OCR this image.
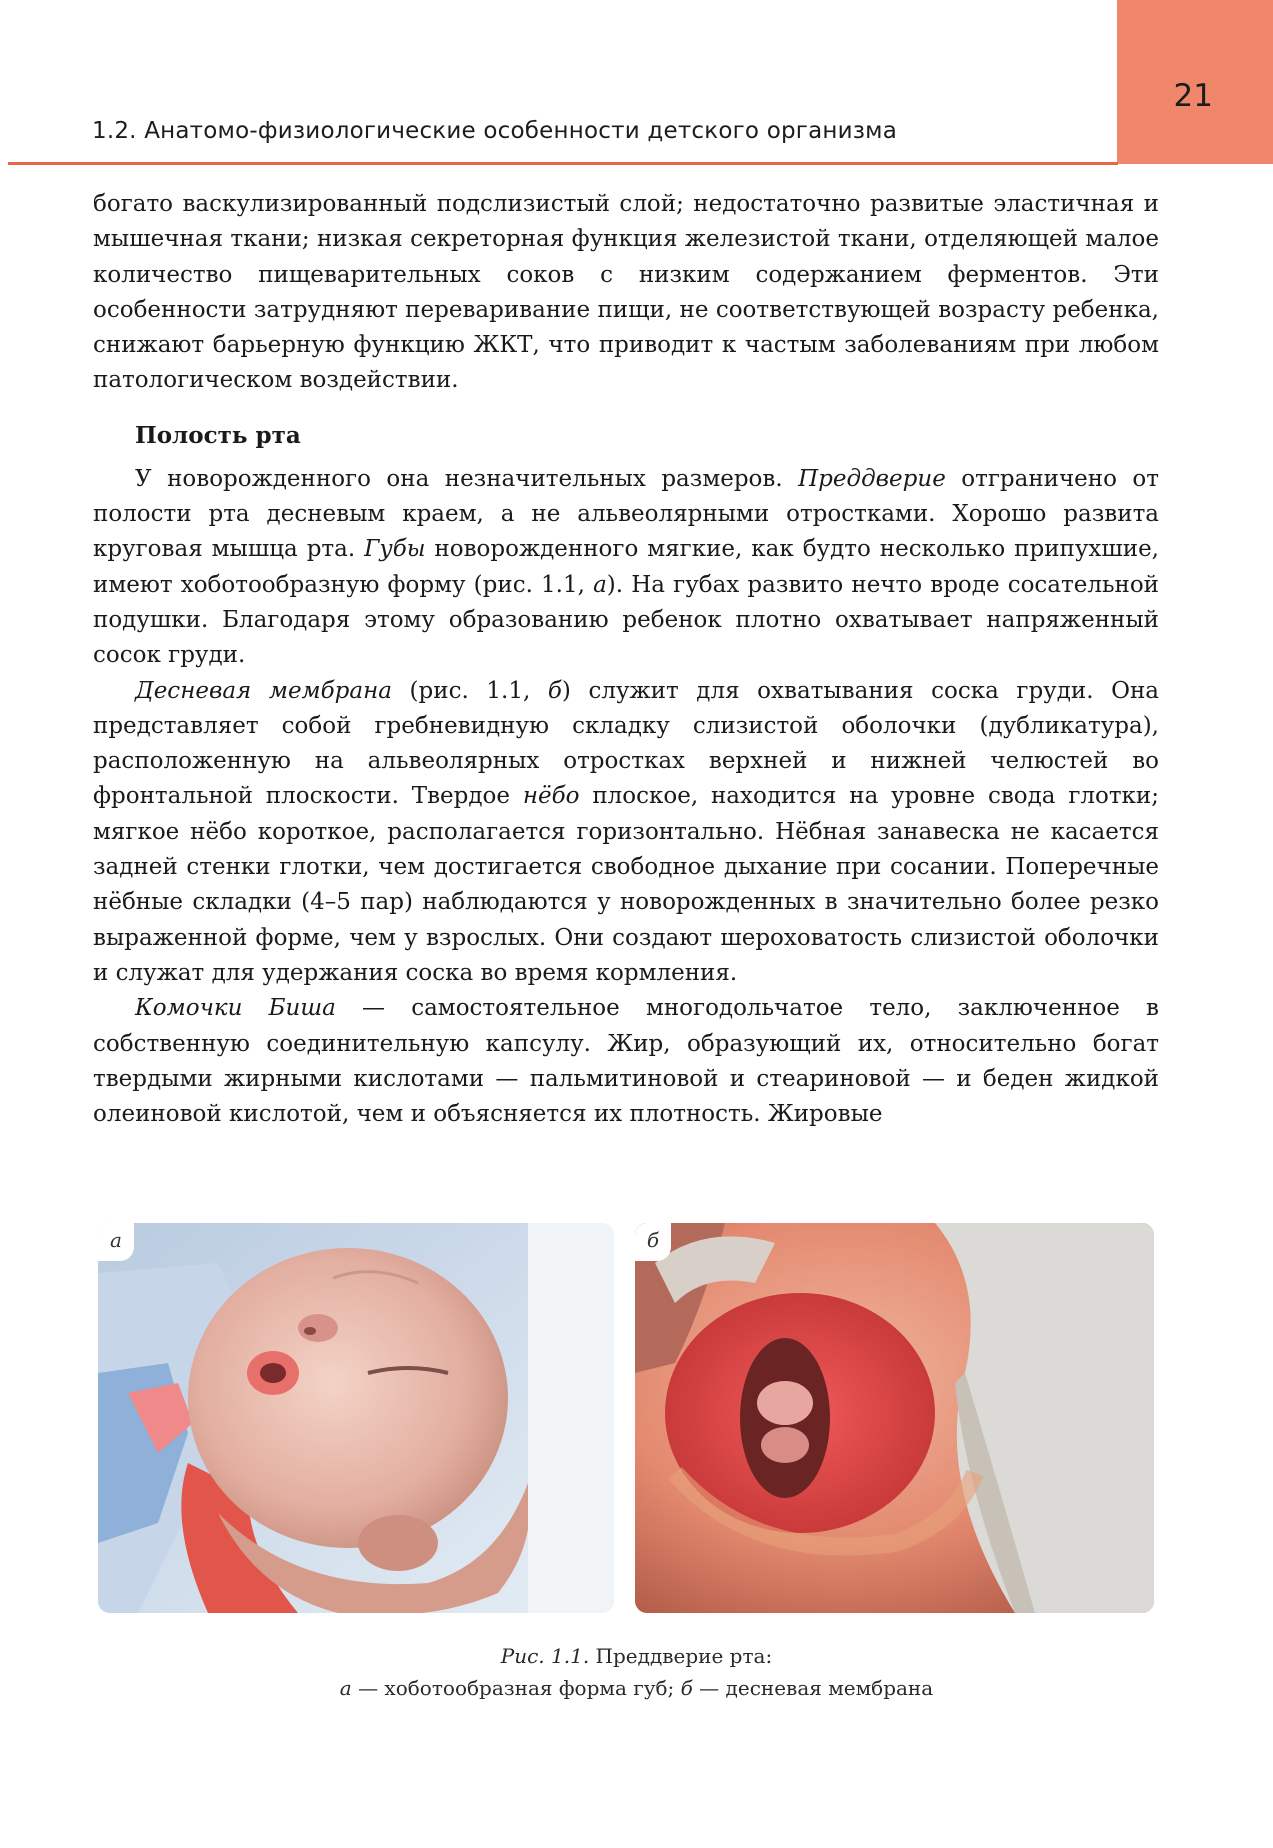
21
1.2. Анатомо-физиологические особенности детского организма

богато васкулизированный подслизистый слой; недостаточно развитые эластичная и мышечная ткани; низкая секреторная функция железистой ткани, отделяющей малое количество пищеварительных соков с низким содержанием ферментов. Эти особенности затрудняют переваривание пищи, не соответствующей возрасту ребенка, снижают барьерную функцию ЖКТ, что приводит к частым заболеваниям при любом патологическом воздействии.

Полость рта

У новорожденного она незначительных размеров. Преддверие отграничено от полости рта десневым краем, а не альвеолярными отростками. Хорошо развита круговая мышца рта. Губы новорожденного мягкие, как будто несколько припухшие, имеют хоботообразную форму (рис. 1.1, а). На губах развито нечто вроде сосательной подушки. Благодаря этому образованию ребенок плотно охватывает напряженный сосок груди.

Десневая мембрана (рис. 1.1, б) служит для охватывания соска груди. Она представляет собой гребневидную складку слизистой оболочки (дубликатура), расположенную на альвеолярных отростках верхней и нижней челюстей во фронтальной плоскости. Твердое нёбо плоское, находится на уровне свода глотки; мягкое нёбо короткое, располагается горизонтально. Нёбная занавеска не касается задней стенки глотки, чем достигается свободное дыхание при сосании. Поперечные нёбные складки (4–5 пар) наблюдаются у новорожденных в значительно более резко выраженной форме, чем у взрослых. Они создают шероховатость слизистой оболочки и служат для удержания соска во время кормления.

Комочки Биша — самостоятельное многодольчатое тело, заключенное в собственную соединительную капсулу. Жир, образующий их, относительно богат твердыми жирными кислотами — пальмитиновой и стеариновой — и беден жидкой олеиновой кислотой, чем и объясняется их плотность. Жировые

а	б
Рис. 1.1. Преддверие рта:
а — хоботообразная форма губ; б — десневая мембрана
